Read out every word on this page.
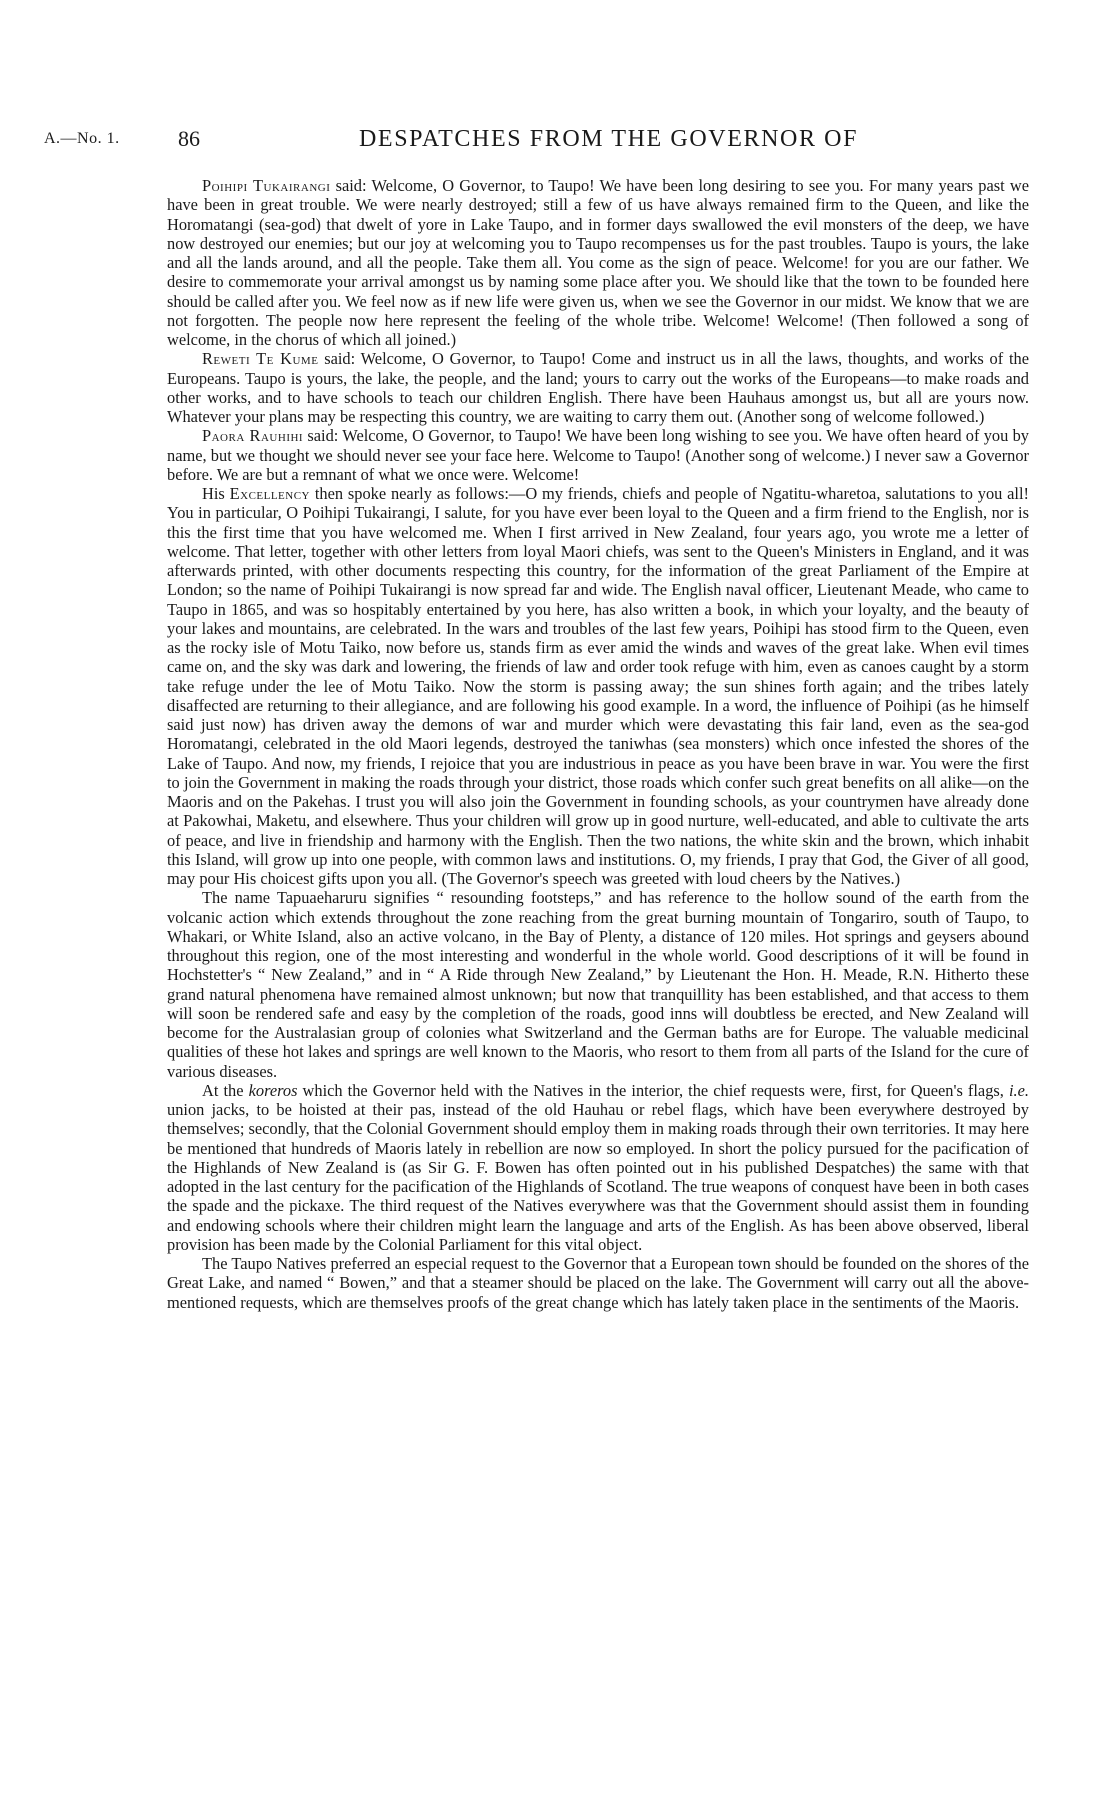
A.—No. 1.	86	DESPATCHES FROM THE GOVERNOR OF

Poihipi Tukairangi said: Welcome, O Governor, to Taupo! We have been long desiring to see you. For many years past we have been in great trouble. We were nearly destroyed; still a few of us have always remained firm to the Queen, and like the Horomatangi (sea-god) that dwelt of yore in Lake Taupo, and in former days swallowed the evil monsters of the deep, we have now destroyed our enemies; but our joy at welcoming you to Taupo recompenses us for the past troubles. Taupo is yours, the lake and all the lands around, and all the people. Take them all. You come as the sign of peace. Welcome! for you are our father. We desire to commemorate your arrival amongst us by naming some place after you. We should like that the town to be founded here should be called after you. We feel now as if new life were given us, when we see the Governor in our midst. We know that we are not forgotten. The people now here represent the feeling of the whole tribe. Welcome! Welcome! (Then followed a song of welcome, in the chorus of which all joined.)

Reweti Te Kume said: Welcome, O Governor, to Taupo! Come and instruct us in all the laws, thoughts, and works of the Europeans. Taupo is yours, the lake, the people, and the land; yours to carry out the works of the Europeans—to make roads and other works, and to have schools to teach our children English. There have been Hauhaus amongst us, but all are yours now. Whatever your plans may be respecting this country, we are waiting to carry them out. (Another song of welcome followed.)

Paora Rauhihi said: Welcome, O Governor, to Taupo! We have been long wishing to see you. We have often heard of you by name, but we thought we should never see your face here. Welcome to Taupo! (Another song of welcome.) I never saw a Governor before. We are but a remnant of what we once were. Welcome!

His Excellency then spoke nearly as follows:—O my friends, chiefs and people of Ngatitu-wharetoa, salutations to you all! You in particular, O Poihipi Tukairangi, I salute, for you have ever been loyal to the Queen and a firm friend to the English, nor is this the first time that you have welcomed me. When I first arrived in New Zealand, four years ago, you wrote me a letter of welcome. That letter, together with other letters from loyal Maori chiefs, was sent to the Queen's Ministers in England, and it was afterwards printed, with other documents respecting this country, for the information of the great Parliament of the Empire at London; so the name of Poihipi Tukairangi is now spread far and wide. The English naval officer, Lieutenant Meade, who came to Taupo in 1865, and was so hospitably entertained by you here, has also written a book, in which your loyalty, and the beauty of your lakes and mountains, are celebrated. In the wars and troubles of the last few years, Poihipi has stood firm to the Queen, even as the rocky isle of Motu Taiko, now before us, stands firm as ever amid the winds and waves of the great lake. When evil times came on, and the sky was dark and lowering, the friends of law and order took refuge with him, even as canoes caught by a storm take refuge under the lee of Motu Taiko. Now the storm is passing away; the sun shines forth again; and the tribes lately disaffected are returning to their allegiance, and are following his good example. In a word, the influence of Poihipi (as he himself said just now) has driven away the demons of war and murder which were devastating this fair land, even as the sea-god Horomatangi, celebrated in the old Maori legends, destroyed the taniwhas (sea monsters) which once infested the shores of the Lake of Taupo. And now, my friends, I rejoice that you are industrious in peace as you have been brave in war. You were the first to join the Government in making the roads through your district, those roads which confer such great benefits on all alike—on the Maoris and on the Pakehas. I trust you will also join the Government in founding schools, as your countrymen have already done at Pakowhai, Maketu, and elsewhere. Thus your children will grow up in good nurture, well-educated, and able to cultivate the arts of peace, and live in friendship and harmony with the English. Then the two nations, the white skin and the brown, which inhabit this Island, will grow up into one people, with common laws and institutions. O, my friends, I pray that God, the Giver of all good, may pour His choicest gifts upon you all. (The Governor's speech was greeted with loud cheers by the Natives.)

The name Tapuaeharuru signifies “ resounding footsteps,” and has reference to the hollow sound of the earth from the volcanic action which extends throughout the zone reaching from the great burning mountain of Tongariro, south of Taupo, to Whakari, or White Island, also an active volcano, in the Bay of Plenty, a distance of 120 miles. Hot springs and geysers abound throughout this region, one of the most interesting and wonderful in the whole world. Good descriptions of it will be found in Hochstetter's “ New Zealand,” and in “ A Ride through New Zealand,” by Lieutenant the Hon. H. Meade, R.N. Hitherto these grand natural phenomena have remained almost unknown; but now that tranquillity has been established, and that access to them will soon be rendered safe and easy by the completion of the roads, good inns will doubtless be erected, and New Zealand will become for the Australasian group of colonies what Switzerland and the German baths are for Europe. The valuable medicinal qualities of these hot lakes and springs are well known to the Maoris, who resort to them from all parts of the Island for the cure of various diseases.

At the koreros which the Governor held with the Natives in the interior, the chief requests were, first, for Queen's flags, i.e. union jacks, to be hoisted at their pas, instead of the old Hauhau or rebel flags, which have been everywhere destroyed by themselves; secondly, that the Colonial Government should employ them in making roads through their own territories. It may here be mentioned that hundreds of Maoris lately in rebellion are now so employed. In short the policy pursued for the pacification of the Highlands of New Zealand is (as Sir G. F. Bowen has often pointed out in his published Despatches) the same with that adopted in the last century for the pacification of the Highlands of Scotland. The true weapons of conquest have been in both cases the spade and the pickaxe. The third request of the Natives everywhere was that the Government should assist them in founding and endowing schools where their children might learn the language and arts of the English. As has been above observed, liberal provision has been made by the Colonial Parliament for this vital object.

The Taupo Natives preferred an especial request to the Governor that a European town should be founded on the shores of the Great Lake, and named “ Bowen,” and that a steamer should be placed on the lake. The Government will carry out all the above-mentioned requests, which are themselves proofs of the great change which has lately taken place in the sentiments of the Maoris.
